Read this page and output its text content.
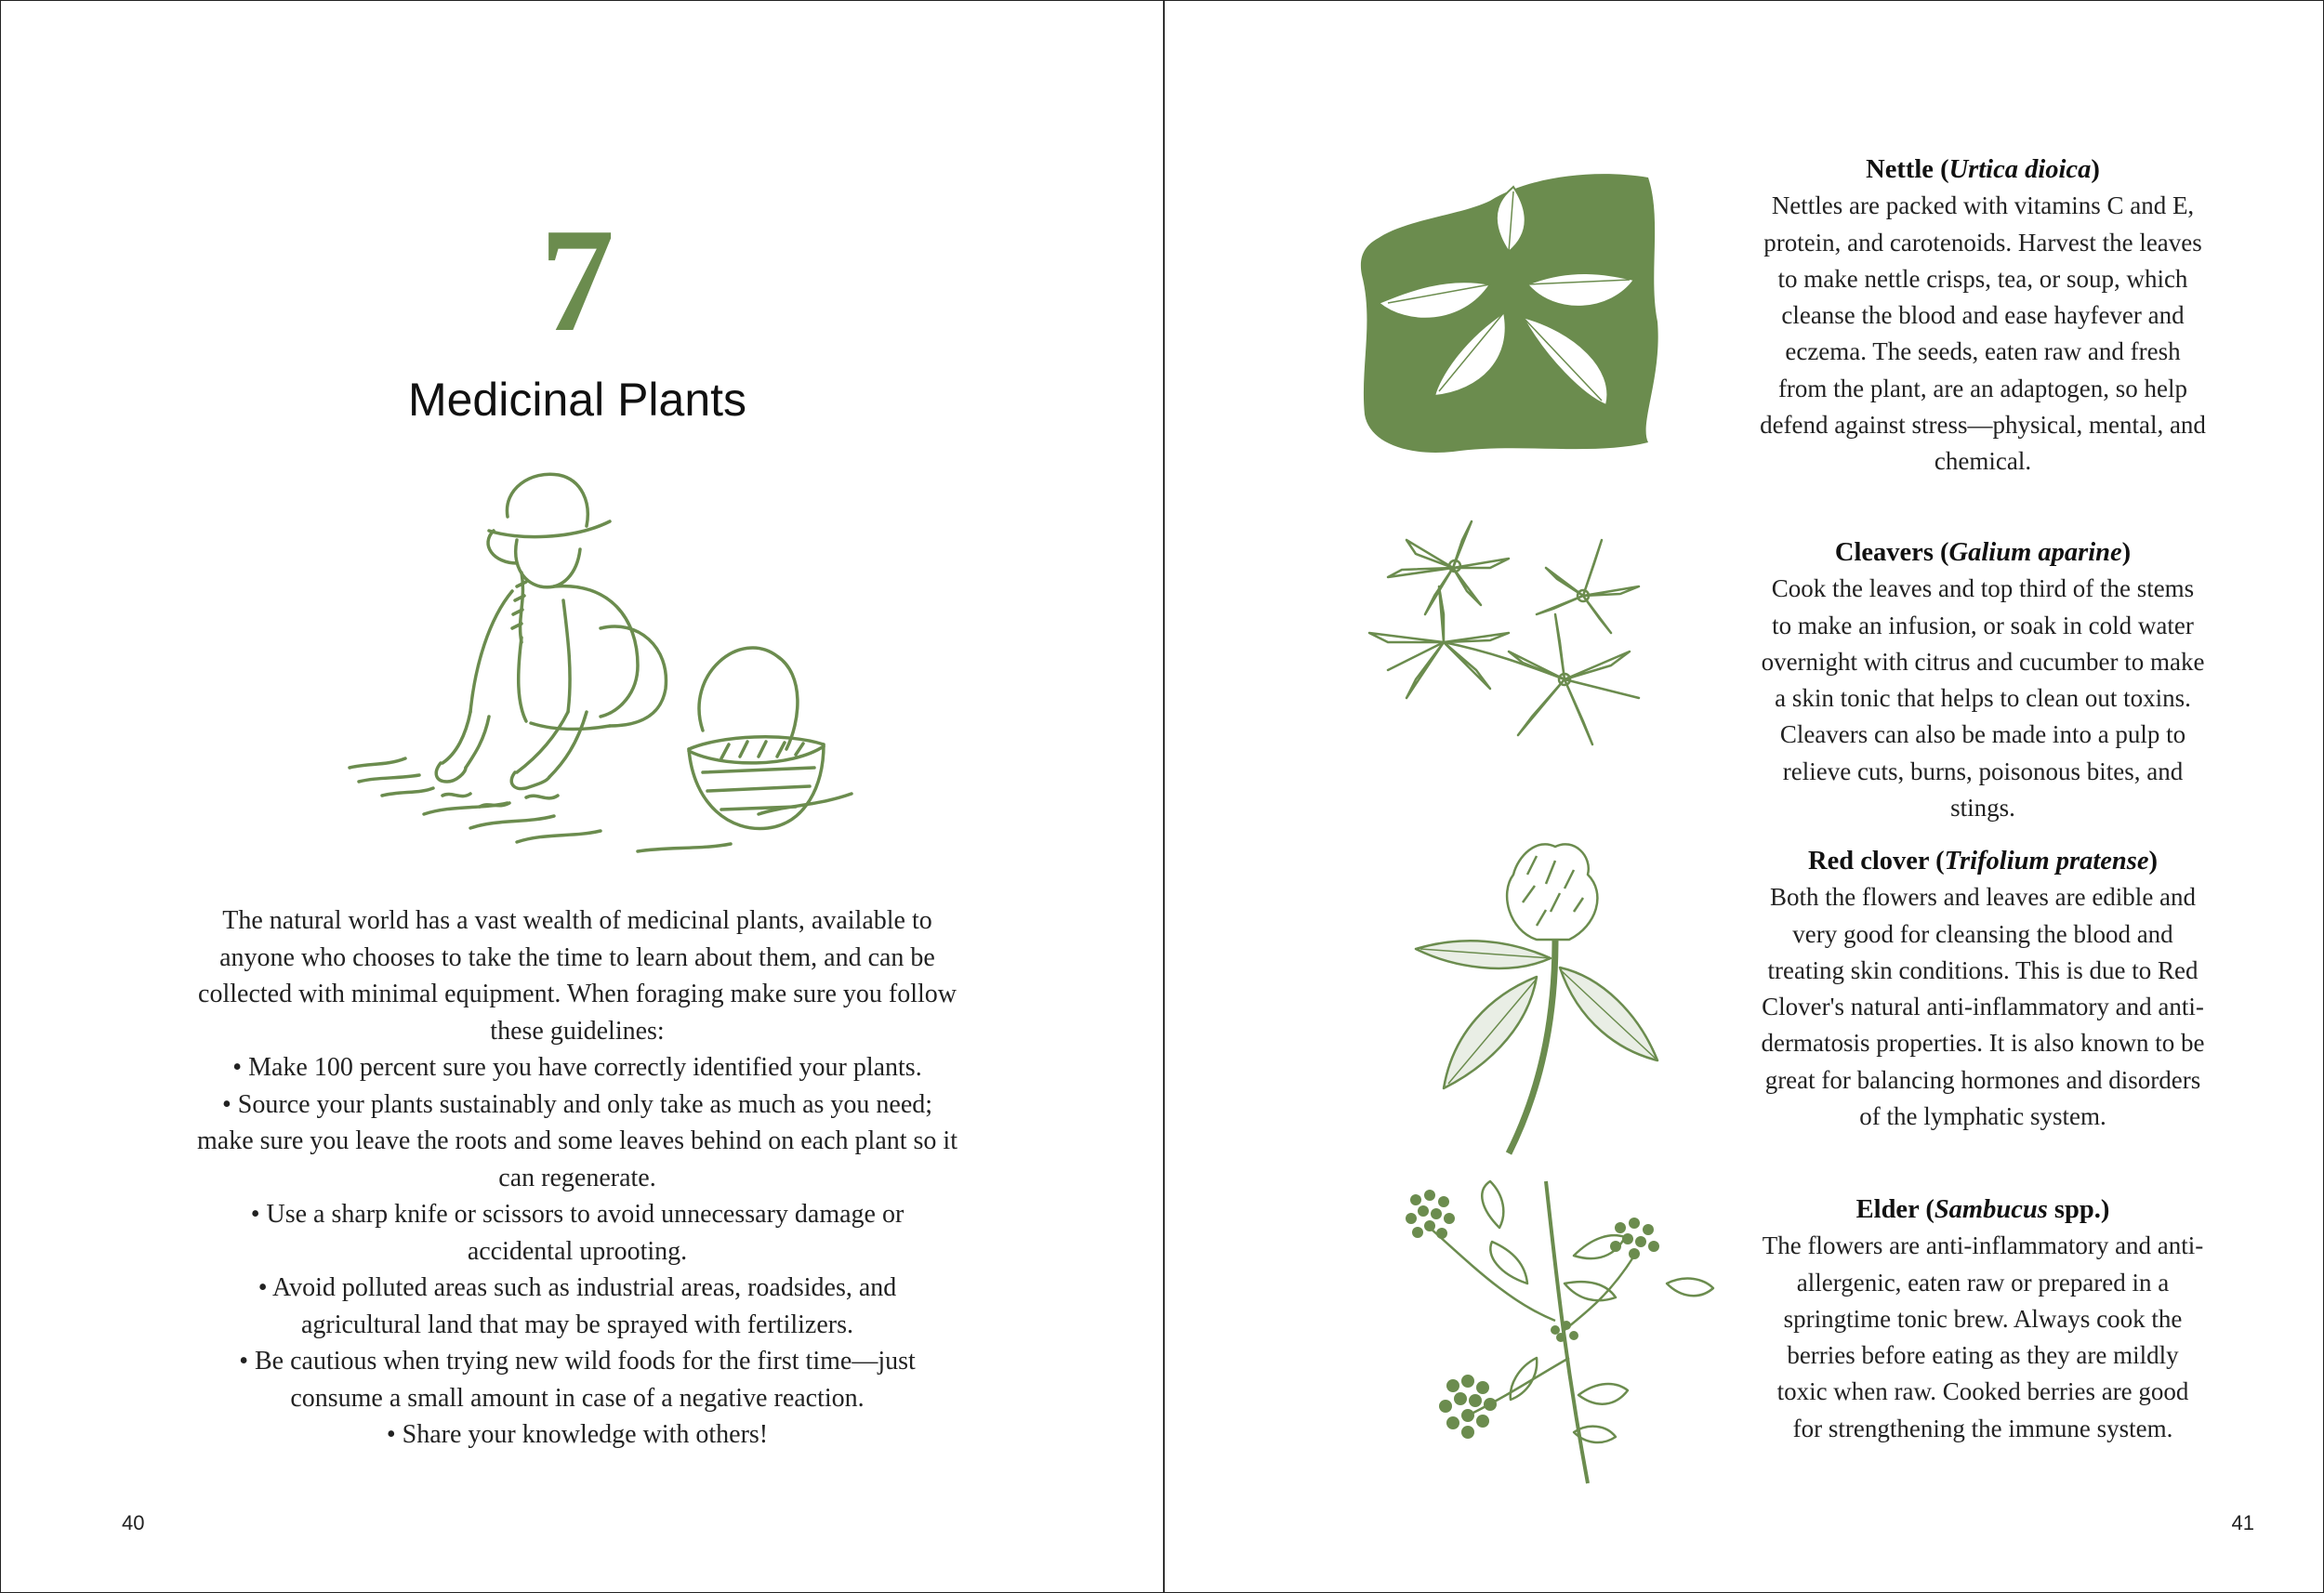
7
Medicinal Plants

The natural world has a vast wealth of medicinal plants, available to anyone who chooses to take the time to learn about them, and can be collected with minimal equipment. When foraging make sure you follow these guidelines:

• Make 100 percent sure you have correctly identified your plants.
• Source your plants sustainably and only take as much as you need; make sure you leave the roots and some leaves behind on each plant so it can regenerate.
• Use a sharp knife or scissors to avoid unnecessary damage or accidental uprooting.
• Avoid polluted areas such as industrial areas, roadsides, and agricultural land that may be sprayed with fertilizers.
• Be cautious when trying new wild foods for the first time—just consume a small amount in case of a negative reaction.
• Share your knowledge with others!
40
Nettle (Urtica dioica)

Nettles are packed with vitamins C and E, protein, and carotenoids. Harvest the leaves to make nettle crisps, tea, or soup, which cleanse the blood and ease hayfever and eczema. The seeds, eaten raw and fresh from the plant, are an adaptogen, so help defend against stress—physical, mental, and chemical.

Cleavers (Galium aparine)

Cook the leaves and top third of the stems to make an infusion, or soak in cold water overnight with citrus and cucumber to make a skin tonic that helps to clean out toxins. Cleavers can also be made into a pulp to relieve cuts, burns, poisonous bites, and stings.

Red clover (Trifolium pratense)

Both the flowers and leaves are edible and very good for cleansing the blood and treating skin conditions. This is due to Red Clover's natural anti-inflammatory and anti-dermatosis properties. It is also known to be great for balancing hormones and disorders of the lymphatic system.

Elder (Sambucus spp.)

The flowers are anti-inflammatory and anti-allergenic, eaten raw or prepared in a springtime tonic brew. Always cook the berries before eating as they are mildly toxic when raw. Cooked berries are good for strengthening the immune system.

41
